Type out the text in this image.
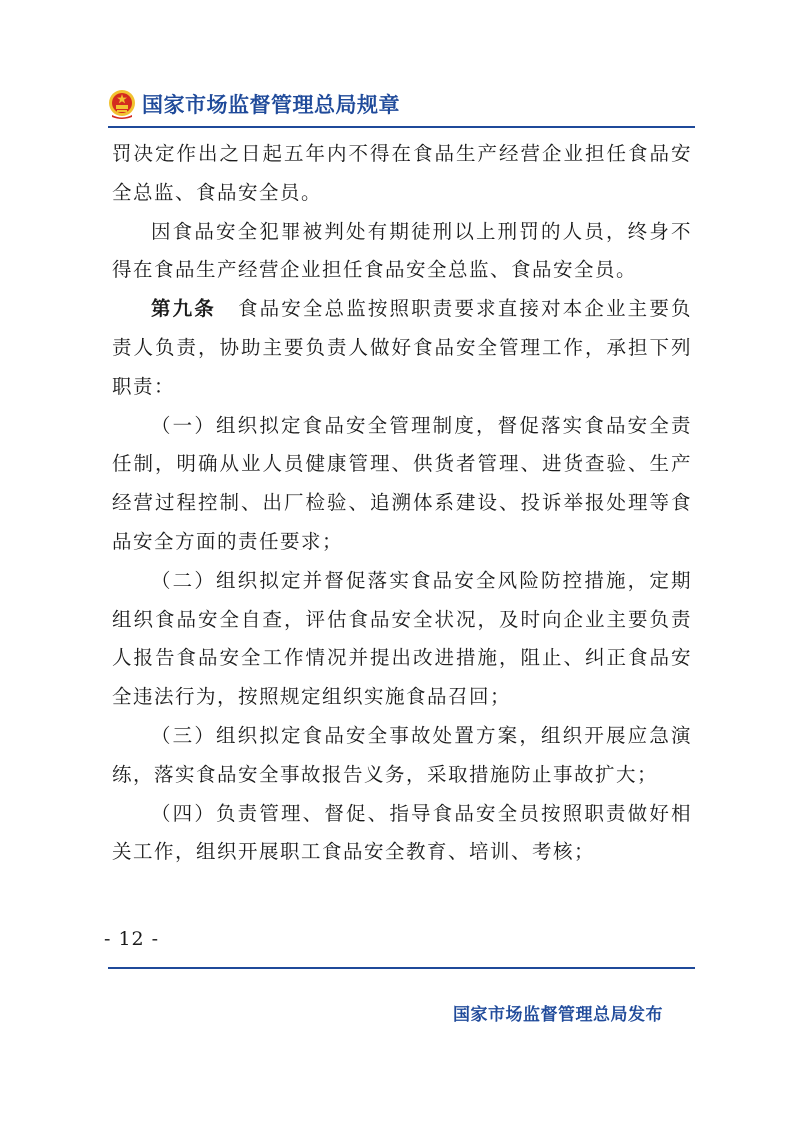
国家市场监督管理总局规章

罚决定作出之日起五年内不得在食品生产经营企业担任食品安全总监、食品安全员。

因食品安全犯罪被判处有期徒刑以上刑罚的人员，终身不得在食品生产经营企业担任食品安全总监、食品安全员。

第九条 食品安全总监按照职责要求直接对本企业主要负责人负责，协助主要负责人做好食品安全管理工作，承担下列职责：

（一）组织拟定食品安全管理制度，督促落实食品安全责任制，明确从业人员健康管理、供货者管理、进货查验、生产经营过程控制、出厂检验、追溯体系建设、投诉举报处理等食品安全方面的责任要求；

（二）组织拟定并督促落实食品安全风险防控措施，定期组织食品安全自查，评估食品安全状况，及时向企业主要负责人报告食品安全工作情况并提出改进措施，阻止、纠正食品安全违法行为，按照规定组织实施食品召回；

（三）组织拟定食品安全事故处置方案，组织开展应急演练，落实食品安全事故报告义务，采取措施防止事故扩大；

（四）负责管理、督促、指导食品安全员按照职责做好相关工作，组织开展职工食品安全教育、培训、考核；

- 12 -
国家市场监督管理总局发布
